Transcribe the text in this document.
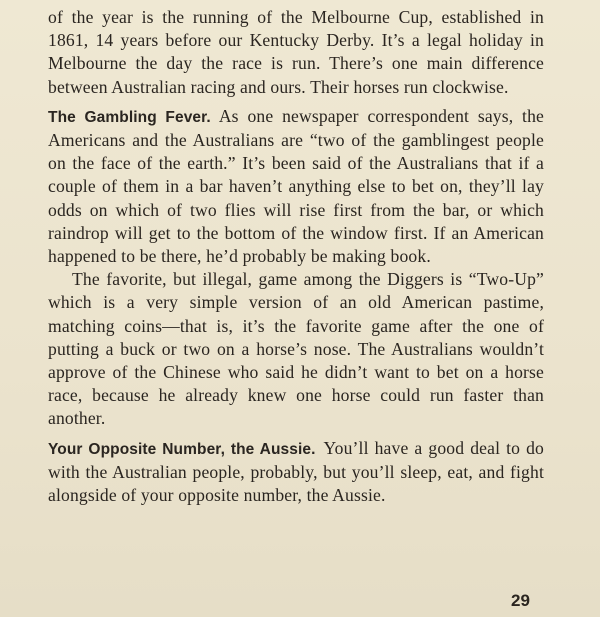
of the year is the running of the Melbourne Cup, established in 1861, 14 years before our Kentucky Derby. It’s a legal holiday in Melbourne the day the race is run. There’s one main difference between Australian racing and ours. Their horses run clockwise.

The Gambling Fever. As one newspaper correspondent says, the Americans and the Australians are “two of the gamblingest people on the face of the earth.” It’s been said of the Australians that if a couple of them in a bar haven’t anything else to bet on, they’ll lay odds on which of two flies will rise first from the bar, or which raindrop will get to the bottom of the window first. If an American happened to be there, he’d probably be making book.

The favorite, but illegal, game among the Diggers is “Two-Up” which is a very simple version of an old American pastime, matching coins—that is, it’s the favorite game after the one of putting a buck or two on a horse’s nose. The Australians wouldn’t approve of the Chinese who said he didn’t want to bet on a horse race, because he already knew one horse could run faster than another.

Your Opposite Number, the Aussie. You’ll have a good deal to do with the Australian people, probably, but you’ll sleep, eat, and fight alongside of your opposite number, the Aussie.

29
